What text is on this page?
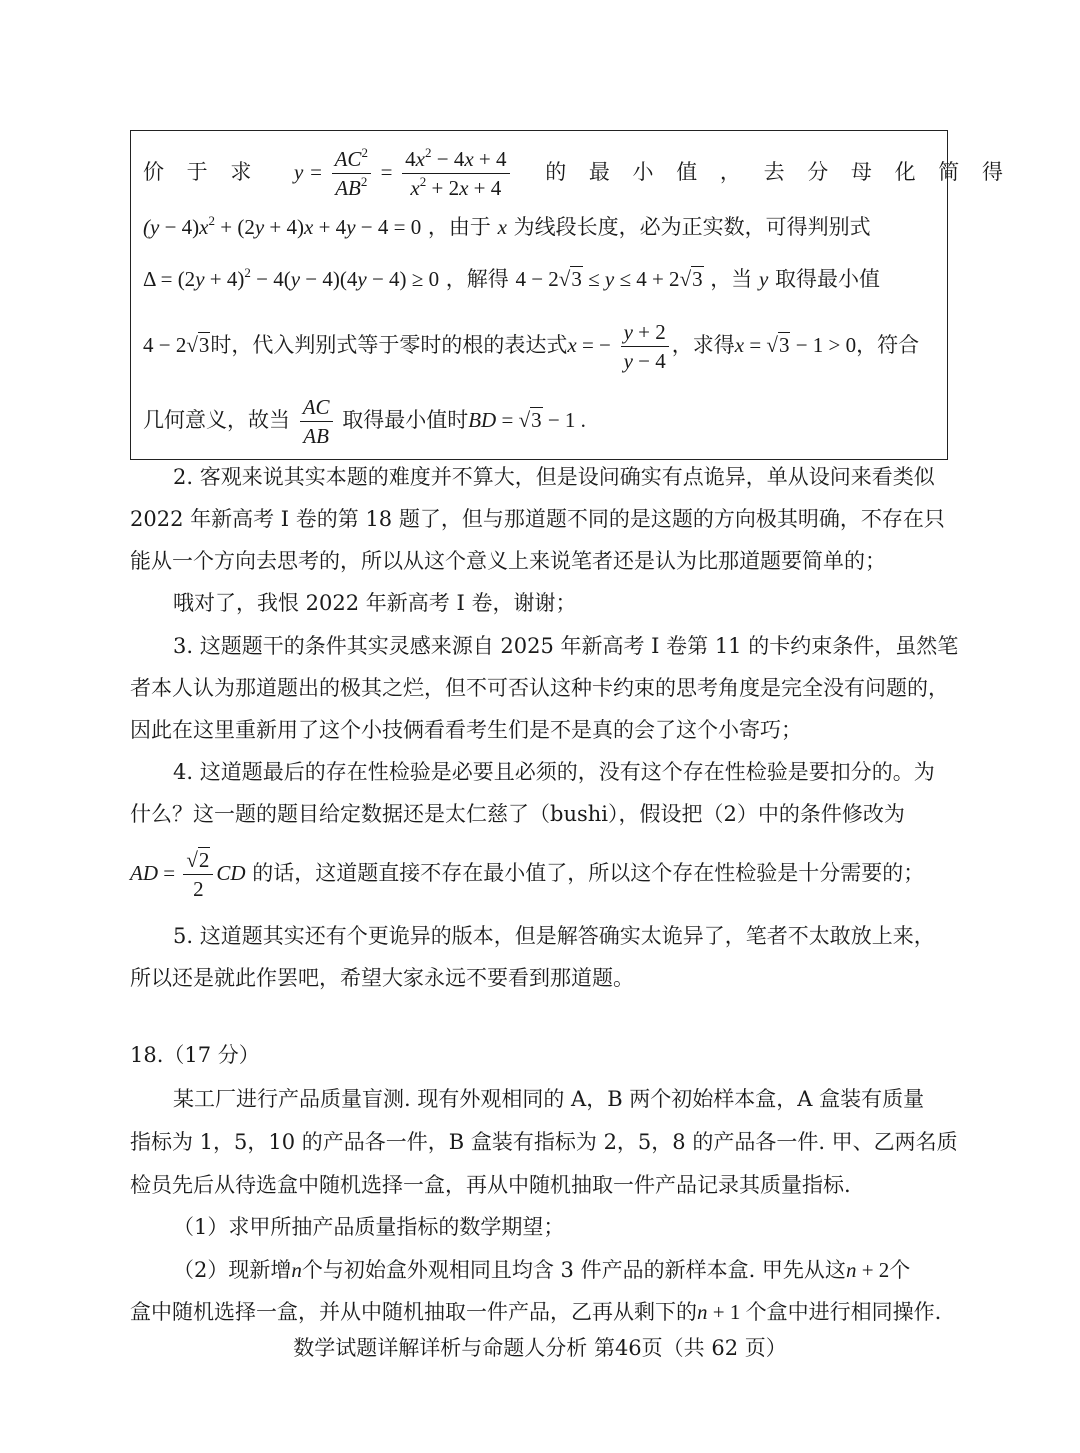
价 于 求 $y = \frac{AC^2}{AB^2} = \frac{4x^2 - 4x + 4}{x^2 + 2x + 4}$ 的 最 小 值 ， 去 分 母 化 简 得
$(y - 4)x^2 + (2y + 4)x + 4y - 4 = 0$ ，由于 x 为线段长度，必为正实数，可得判别式
$\Delta = (2y + 4)^2 - 4(y - 4)(4y - 4) \ge 0$ ，解得 4 − 2√3 ≤ y ≤ 4 + 2√3 ，当 y 取得最小值
4 − 2√3时，代入判别式等于零时的根的表达式x = − $\frac{y + 2}{y - 4}$ ，求得x = √3 − 1 > 0，符合
几何意义，故当 $\frac{AC}{AB}$ 取得最小值时BD = √3 − 1 .
2. 客观来说其实本题的难度并不算大，但是设问确实有点诡异，单从设问来看类似
2022 年新高考 I 卷的第 18 题了，但与那道题不同的是这题的方向极其明确，不存在只
能从一个方向去思考的，所以从这个意义上来说笔者还是认为比那道题要简单的；
哦对了，我恨 2022 年新高考 I 卷，谢谢；
3. 这题题干的条件其实灵感来源自 2025 年新高考 I 卷第 11 的卡约束条件，虽然笔
者本人认为那道题出的极其之烂，但不可否认这种卡约束的思考角度是完全没有问题的，
因此在这里重新用了这个小技俩看看考生们是不是真的会了这个小寄巧；
4. 这道题最后的存在性检验是必要且必须的，没有这个存在性检验是要扣分的。为
什么？这一题的题目给定数据还是太仁慈了（bushi），假设把（2）中的条件修改为
AD = $\frac{√2}{2}$ CD 的话，这道题直接不存在最小值了，所以这个存在性检验是十分需要的；
5. 这道题其实还有个更诡异的版本，但是解答确实太诡异了，笔者不太敢放上来，
所以还是就此作罢吧，希望大家永远不要看到那道题。
18.（17 分）
某工厂进行产品质量盲测. 现有外观相同的 A，B 两个初始样本盒，A 盒装有质量
指标为 1，5，10 的产品各一件，B 盒装有指标为 2，5，8 的产品各一件. 甲、乙两名质
检员先后从待选盒中随机选择一盒，再从中随机抽取一件产品记录其质量指标.
（1）求甲所抽产品质量指标的数学期望；
（2）现新增n个与初始盒外观相同且均含 3 件产品的新样本盒. 甲先从这n + 2个
盒中随机选择一盒，并从中随机抽取一件产品，乙再从剩下的n + 1 个盒中进行相同操作.
数学试题详解详析与命题人分析 第46页（共 62 页）
